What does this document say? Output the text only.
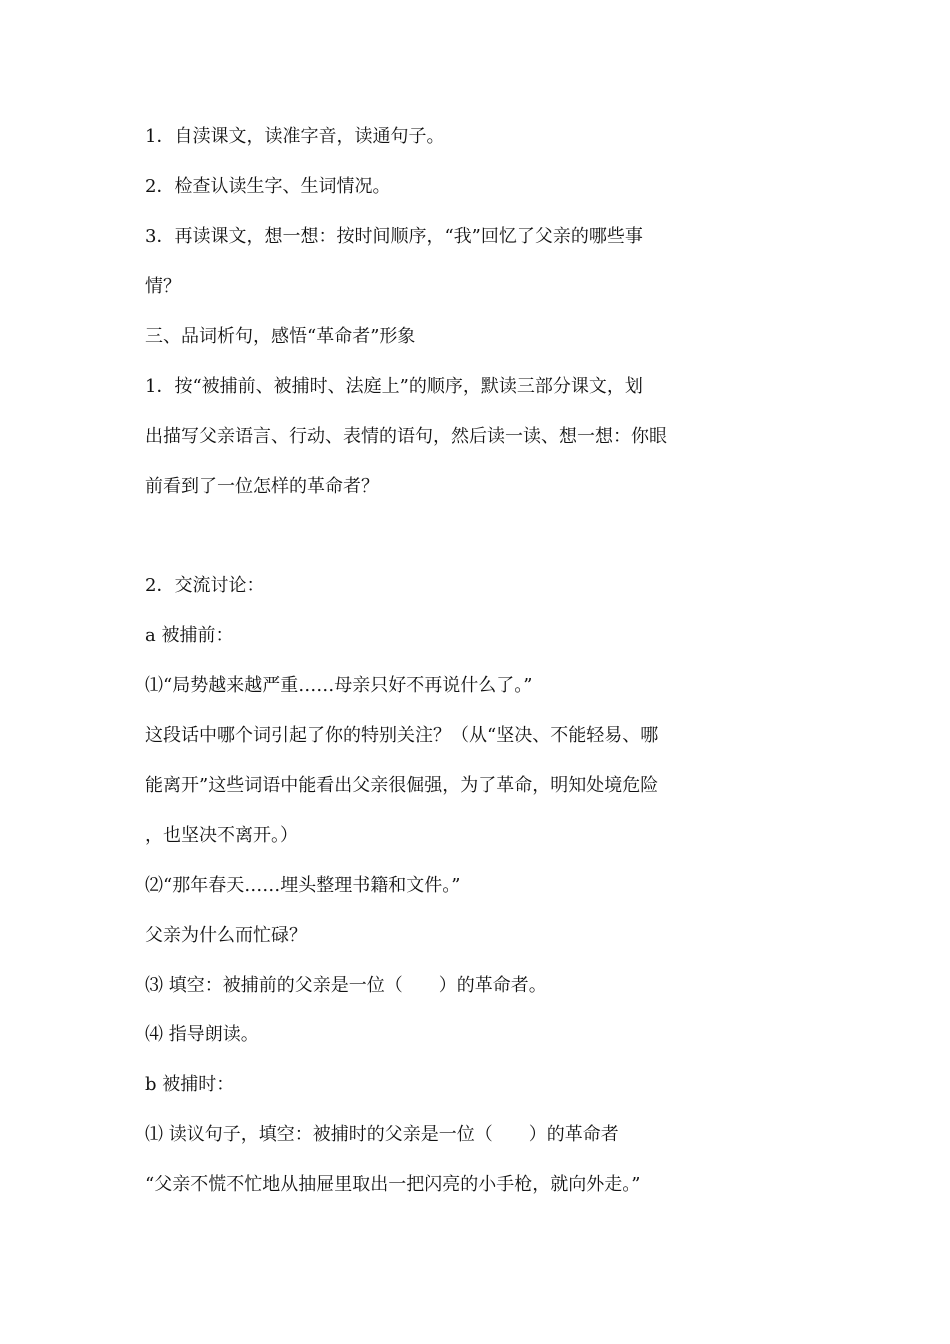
1．自渎课文，读准字音，读通句子。
2．检查认读生字、生词情况。
3．再读课文，想一想：按时间顺序，“我”回忆了父亲的哪些事
情？
三、品词析句，感悟“革命者”形象
1．按“被捕前、被捕时、法庭上”的顺序，默读三部分课文，划
出描写父亲语言、行动、表情的语句，然后读一读、想一想：你眼
前看到了一位怎样的革命者？
2．交流讨论：
a 被捕前：
⑴“局势越来越严重……母亲只好不再说什么了。”
这段话中哪个词引起了你的特别关注？（从“坚决、不能轻易、哪
能离开”这些词语中能看出父亲很倔强，为了革命，明知处境危险
，也坚决不离开。）
⑵“那年春天……埋头整理书籍和文件。”
父亲为什么而忙碌？
⑶ 填空：被捕前的父亲是一位（　　）的革命者。
⑷ 指导朗读。
b 被捕时：
⑴ 读议句子，填空：被捕时的父亲是一位（　　）的革命者
“父亲不慌不忙地从抽屉里取出一把闪亮的小手枪，就向外走。”
